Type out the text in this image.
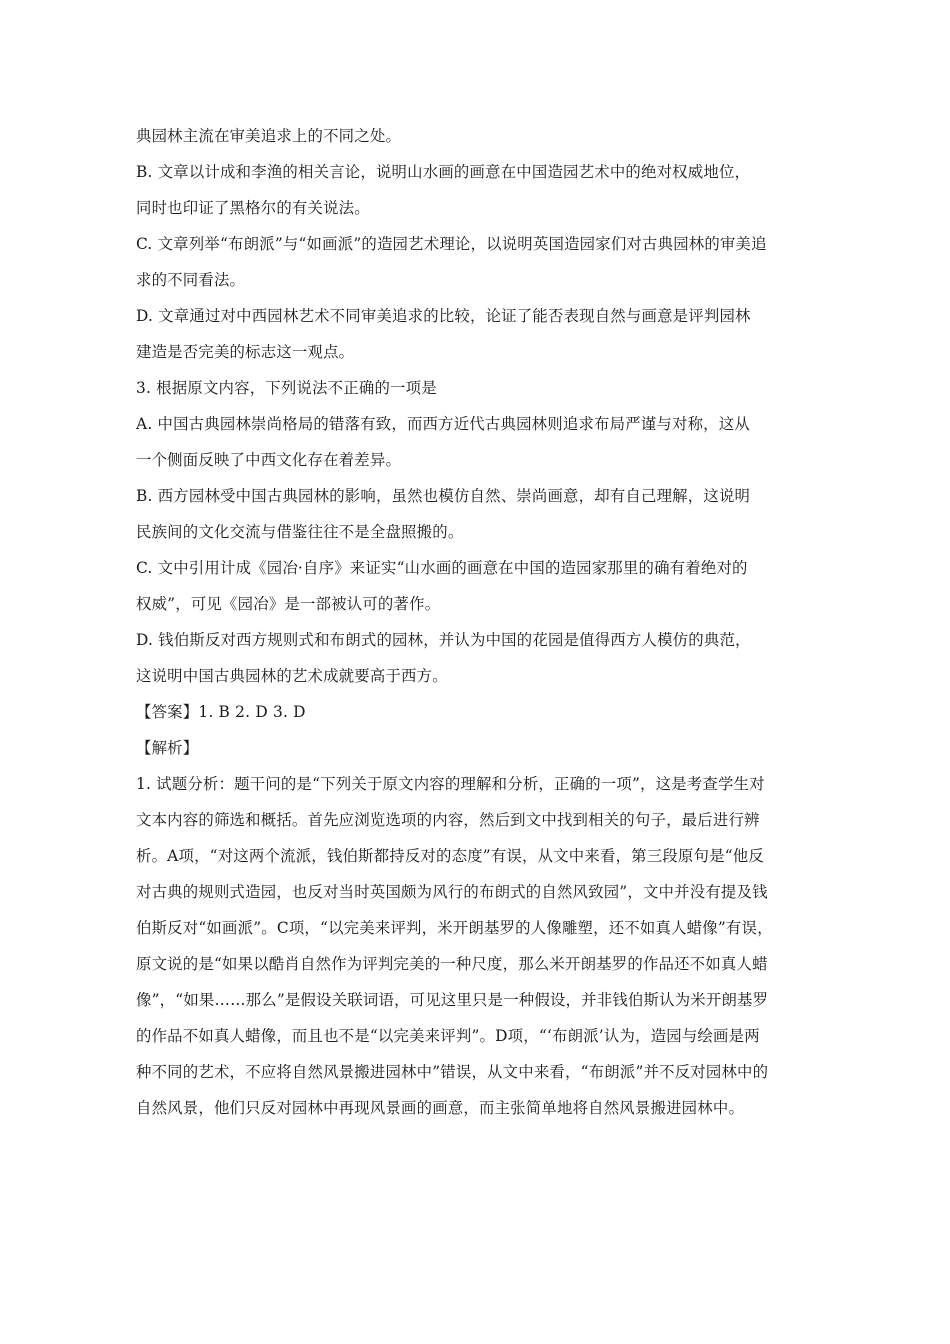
典园林主流在审美追求上的不同之处。
B. 文章以计成和李渔的相关言论，说明山水画的画意在中国造园艺术中的绝对权威地位，
同时也印证了黑格尔的有关说法。
C. 文章列举“布朗派”与“如画派”的造园艺术理论，以说明英国造园家们对古典园林的审美追
求的不同看法。
D. 文章通过对中西园林艺术不同审美追求的比较，论证了能否表现自然与画意是评判园林
建造是否完美的标志这一观点。
3. 根据原文内容，下列说法不正确的一项是
A. 中国古典园林崇尚格局的错落有致，而西方近代古典园林则追求布局严谨与对称，这从
一个侧面反映了中西文化存在着差异。
B. 西方园林受中国古典园林的影响，虽然也模仿自然、崇尚画意，却有自己理解，这说明
民族间的文化交流与借鉴往往不是全盘照搬的。
C. 文中引用计成《园冶·自序》来证实“山水画的画意在中国的造园家那里的确有着绝对的
权威”，可见《园冶》是一部被认可的著作。
D. 钱伯斯反对西方规则式和布朗式的园林，并认为中国的花园是值得西方人模仿的典范，
这说明中国古典园林的艺术成就要高于西方。
【答案】1. B 2. D 3. D
【解析】
1. 试题分析：题干问的是“下列关于原文内容的理解和分析，正确的一项”，这是考查学生对
文本内容的筛选和概括。首先应浏览选项的内容，然后到文中找到相关的句子，最后进行辨
析。A项，“对这两个流派，钱伯斯都持反对的态度”有误，从文中来看，第三段原句是“他反
对古典的规则式造园，也反对当时英国颇为风行的布朗式的自然风致园”，文中并没有提及钱
伯斯反对“如画派”。C项，“以完美来评判，米开朗基罗的人像雕塑，还不如真人蜡像”有误，
原文说的是“如果以酷肖自然作为评判完美的一种尺度，那么米开朗基罗的作品还不如真人蜡
像”，“如果……那么”是假设关联词语，可见这里只是一种假设，并非钱伯斯认为米开朗基罗
的作品不如真人蜡像，而且也不是“以完美来评判”。D项，“‘布朗派’认为，造园与绘画是两
种不同的艺术，不应将自然风景搬进园林中”错误，从文中来看，“布朗派”并不反对园林中的
自然风景，他们只反对园林中再现风景画的画意，而主张简单地将自然风景搬进园林中。
